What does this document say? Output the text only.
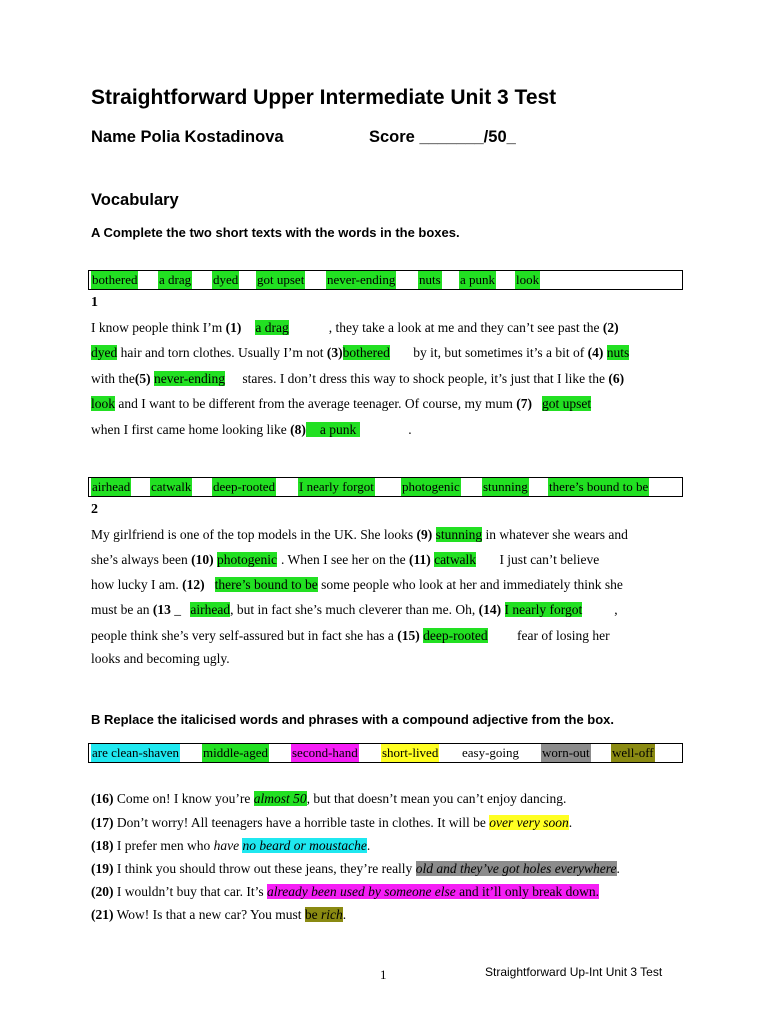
Straightforward Upper Intermediate Unit 3 Test
Name Polia Kostadinova	Score _______/50_
Vocabulary
A Complete the two short texts with the words in the boxes.
bothered a drag dyed got upset never-ending nuts a punk look
1
I know people think I’m (1) a drag	, they take a look at me and they can’t see past the (2)
dyed hair and torn clothes. Usually I’m not (3)bothered by it, but sometimes it’s a bit of (4) nuts
with the(5) never-ending stares. I don’t dress this way to shock people, it’s just that I like the (6)
look and I want to be different from the average teenager. Of course, my mum (7) got upset
when I first came home looking like (8) a punk	.
airhead catwalk deep-rooted I nearly forgot photogenic stunning there’s bound to be
2
My girlfriend is one of the top models in the UK. She looks (9) stunning in whatever she wears and
she’s always been (10) photogenic . When I see her on the (11) catwalk I just can’t believe
how lucky I am. (12) there’s bound to be some people who look at her and immediately think she
must be an (13 _ airhead, but in fact she’s much cleverer than me. Oh, (14) I nearly forgot ,
people think she’s very self-assured but in fact she has a (15) deep-rooted fear of losing her
looks and becoming ugly.
B Replace the italicised words and phrases with a compound adjective from the box.
are clean-shaven middle-aged second-hand short-lived easy-going worn-out well-off
(16) Come on! I know you’re almost 50, but that doesn’t mean you can’t enjoy dancing.
(17) Don’t worry! All teenagers have a horrible taste in clothes. It will be over very soon.
(18) I prefer men who have no beard or moustache.
(19) I think you should throw out these jeans, they’re really old and they’ve got holes everywhere.
(20) I wouldn’t buy that car. It’s already been used by someone else and it’ll only break down.
(21) Wow! Is that a new car? You must be rich.
1	Straightforward Up-Int Unit 3 Test
